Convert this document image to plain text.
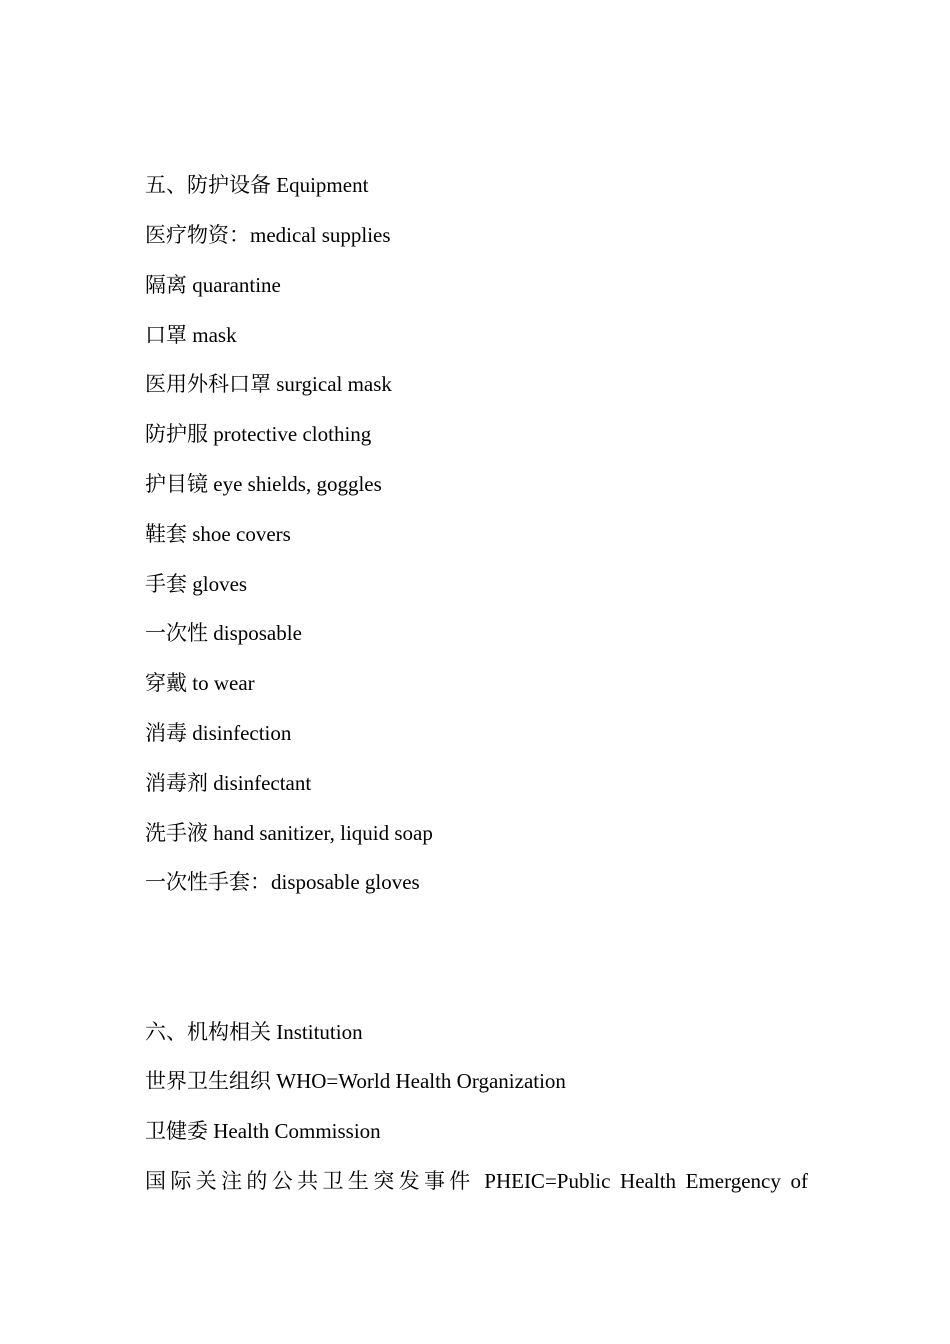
五、防护设备 Equipment
医疗物资：medical supplies
隔离 quarantine
口罩 mask
医用外科口罩 surgical mask
防护服 protective clothing
护目镜 eye shields, goggles
鞋套 shoe covers
手套 gloves
一次性 disposable
穿戴 to wear
消毒 disinfection
消毒剂 disinfectant
洗手液 hand sanitizer, liquid soap
一次性手套：disposable gloves
六、机构相关 Institution
世界卫生组织 WHO=World Health Organization
卫健委 Health Commission
国际关注的公共卫生突发事件 PHEIC=Public Health Emergency of
